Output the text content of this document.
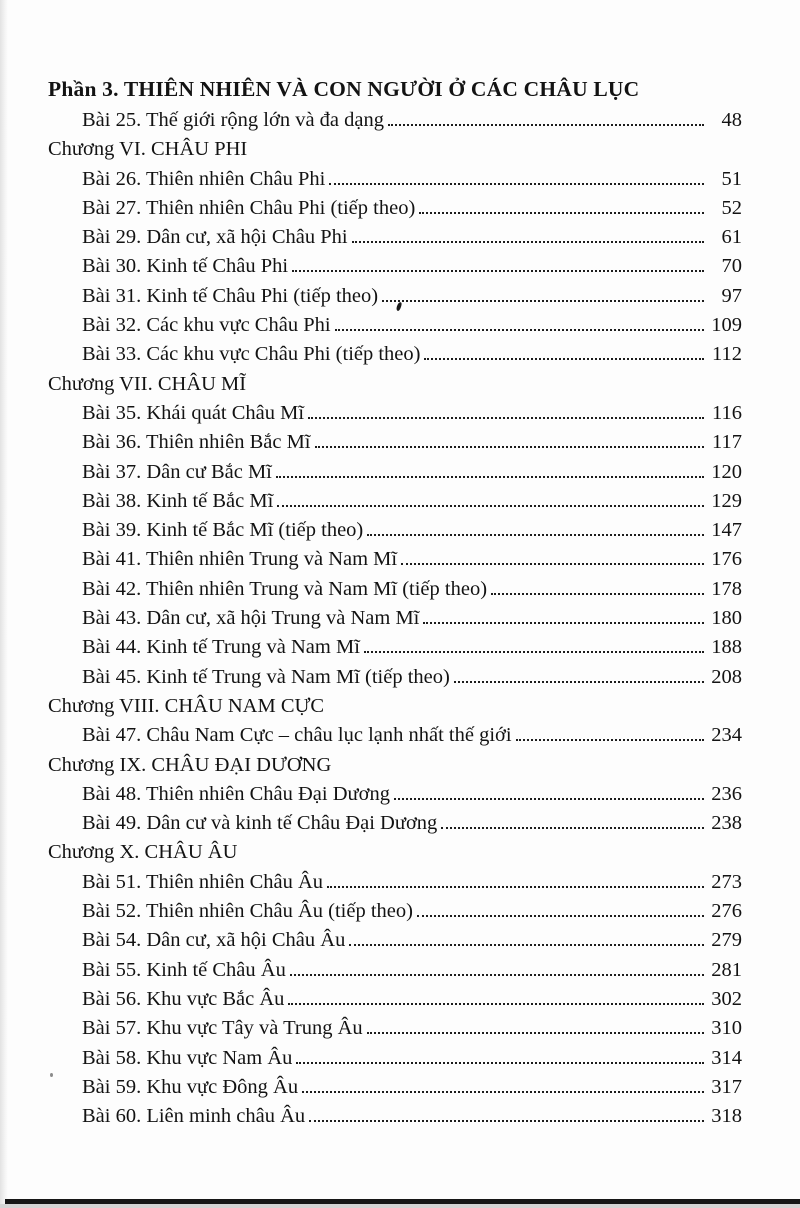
Phần 3. THIÊN NHIÊN VÀ CON NGƯỜI Ở CÁC CHÂU LỤC
Bài 25. Thế giới rộng lớn và đa dạng	48
Chương VI. CHÂU PHI
Bài 26. Thiên nhiên Châu Phi	51
Bài 27. Thiên nhiên Châu Phi (tiếp theo)	52
Bài 29. Dân cư, xã hội Châu Phi	61
Bài 30. Kinh tế Châu Phi	70
Bài 31. Kinh tế Châu Phi (tiếp theo)	97
Bài 32. Các khu vực Châu Phi	109
Bài 33. Các khu vực Châu Phi (tiếp theo)	112
Chương VII. CHÂU MĨ
Bài 35. Khái quát Châu Mĩ	116
Bài 36. Thiên nhiên Bắc Mĩ	117
Bài 37. Dân cư Bắc Mĩ	120
Bài 38. Kinh tế Bắc Mĩ	129
Bài 39. Kinh tế Bắc Mĩ (tiếp theo)	147
Bài 41. Thiên nhiên Trung và Nam Mĩ	176
Bài 42. Thiên nhiên Trung và Nam Mĩ (tiếp theo)	178
Bài 43. Dân cư, xã hội Trung và Nam Mĩ	180
Bài 44. Kinh tế Trung và Nam Mĩ	188
Bài 45. Kinh tế Trung và Nam Mĩ (tiếp theo)	208
Chương VIII. CHÂU NAM CỰC
Bài 47. Châu Nam Cực – châu lục lạnh nhất thế giới	234
Chương IX. CHÂU ĐẠI DƯƠNG
Bài 48. Thiên nhiên Châu Đại Dương	236
Bài 49. Dân cư và kinh tế Châu Đại Dương	238
Chương X. CHÂU ÂU
Bài 51. Thiên nhiên Châu Âu	273
Bài 52. Thiên nhiên Châu Âu (tiếp theo)	276
Bài 54. Dân cư, xã hội Châu Âu	279
Bài 55. Kinh tế Châu Âu	281
Bài 56. Khu vực Bắc Âu	302
Bài 57. Khu vực Tây và Trung Âu	310
Bài 58. Khu vực Nam Âu	314
Bài 59. Khu vực Đông Âu	317
Bài 60. Liên minh châu Âu	318
